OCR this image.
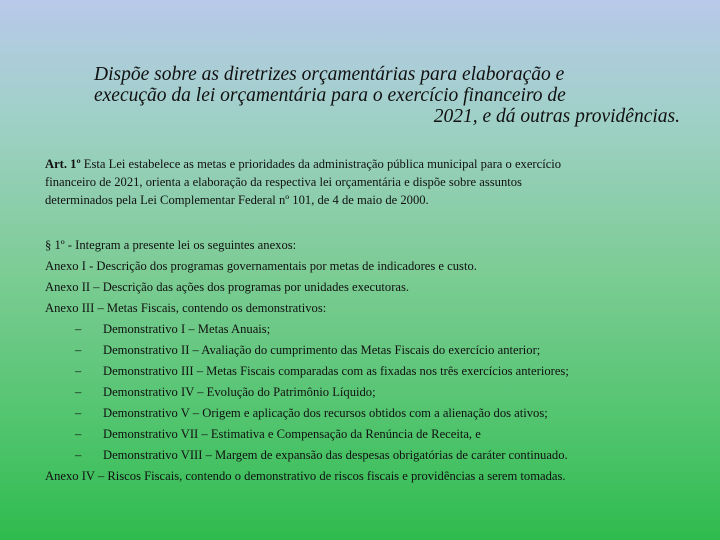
Dispõe sobre as diretrizes orçamentárias para elaboração e
execução da lei orçamentária para o exercício financeiro de
2021, e dá outras providências.
Art. 1º Esta Lei estabelece as metas e prioridades da administração pública municipal para o exercício
financeiro de 2021, orienta a elaboração da respectiva lei orçamentária e dispõe sobre assuntos
determinados pela Lei Complementar Federal nº 101, de 4 de maio de 2000.
§ 1º - Integram a presente lei os seguintes anexos:
Anexo I - Descrição dos programas governamentais por metas de indicadores e custo.
Anexo II – Descrição das ações dos programas por unidades executoras.
Anexo III – Metas Fiscais, contendo os demonstrativos:
– Demonstrativo I – Metas Anuais;
– Demonstrativo II – Avaliação do cumprimento das Metas Fiscais do exercício anterior;
– Demonstrativo III – Metas Fiscais comparadas com as fixadas nos três exercícios anteriores;
– Demonstrativo IV – Evolução do Patrimônio Líquido;
– Demonstrativo V – Origem e aplicação dos recursos obtidos com a alienação dos ativos;
– Demonstrativo VII – Estimativa e Compensação da Renúncia de Receita, e
– Demonstrativo VIII – Margem de expansão das despesas obrigatórias de caráter continuado.
Anexo IV – Riscos Fiscais, contendo o demonstrativo de riscos fiscais e providências a serem tomadas.
